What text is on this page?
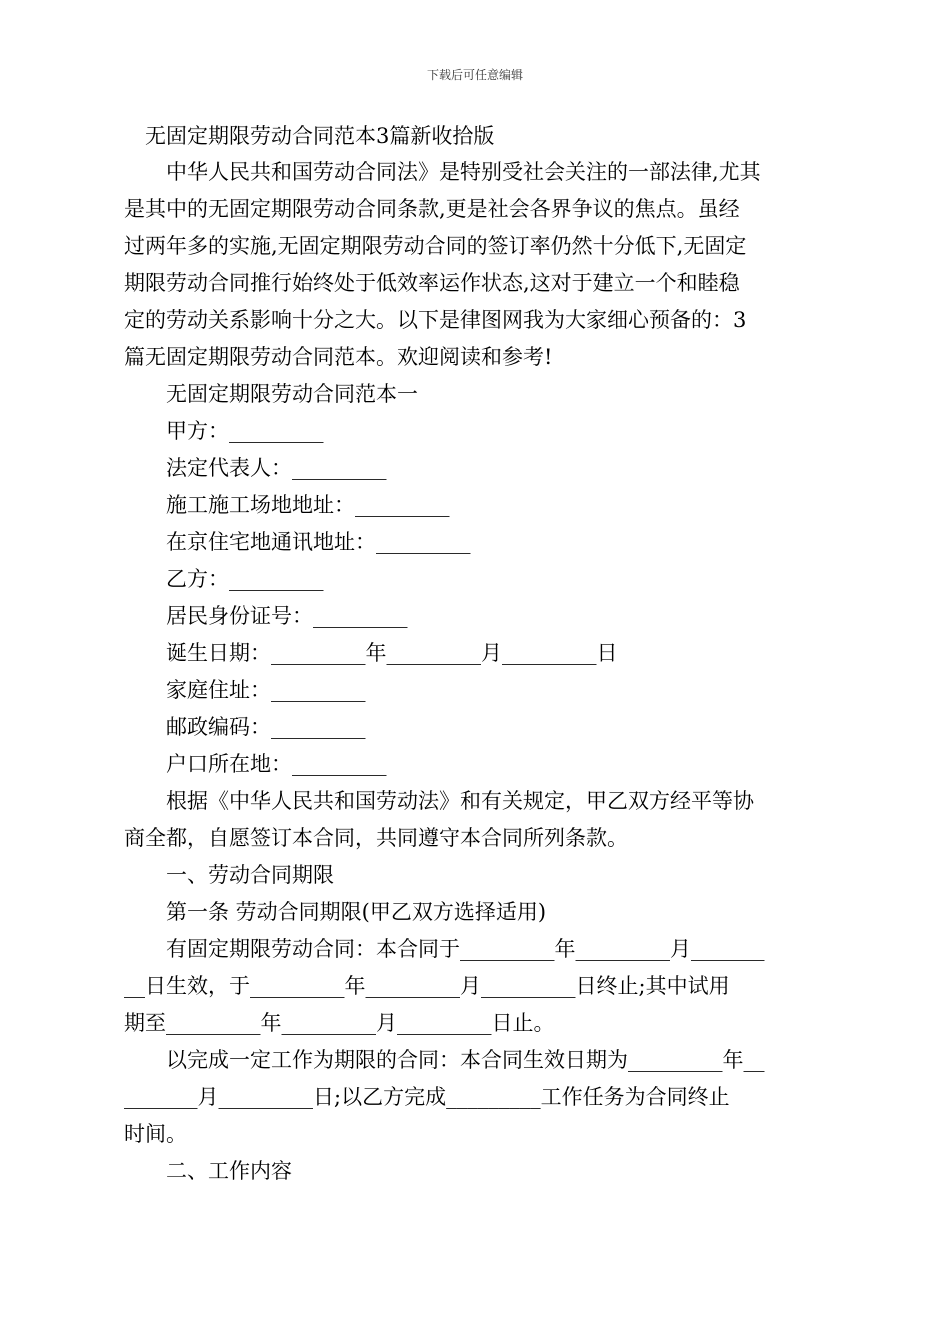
下载后可任意编辑
无固定期限劳动合同范本3篇新收拾版
中华人民共和国劳动合同法》是特别受社会关注的一部法律,尤其
是其中的无固定期限劳动合同条款,更是社会各界争议的焦点。虽经
过两年多的实施,无固定期限劳动合同的签订率仍然十分低下,无固定
期限劳动合同推行始终处于低效率运作状态,这对于建立一个和睦稳
定的劳动关系影响十分之大。以下是律图网我为大家细心预备的：3
篇无固定期限劳动合同范本。欢迎阅读和参考!
无固定期限劳动合同范本一
甲方：_________
法定代表人：_________
施工施工场地地址：_________
在京住宅地通讯地址：_________
乙方：_________
居民身份证号：_________
诞生日期：_________年_________月_________日
家庭住址：_________
邮政编码：_________
户口所在地：_________
根据《中华人民共和国劳动法》和有关规定，甲乙双方经平等协
商全都，自愿签订本合同，共同遵守本合同所列条款。
一、劳动合同期限
第一条 劳动合同期限(甲乙双方选择适用)
有固定期限劳动合同：本合同于_________年_________月_______
__日生效，于_________年_________月_________日终止;其中试用
期至_________年_________月_________日止。
以完成一定工作为期限的合同：本合同生效日期为_________年__
_______月_________日;以乙方完成_________工作任务为合同终止
时间。
二、工作内容
